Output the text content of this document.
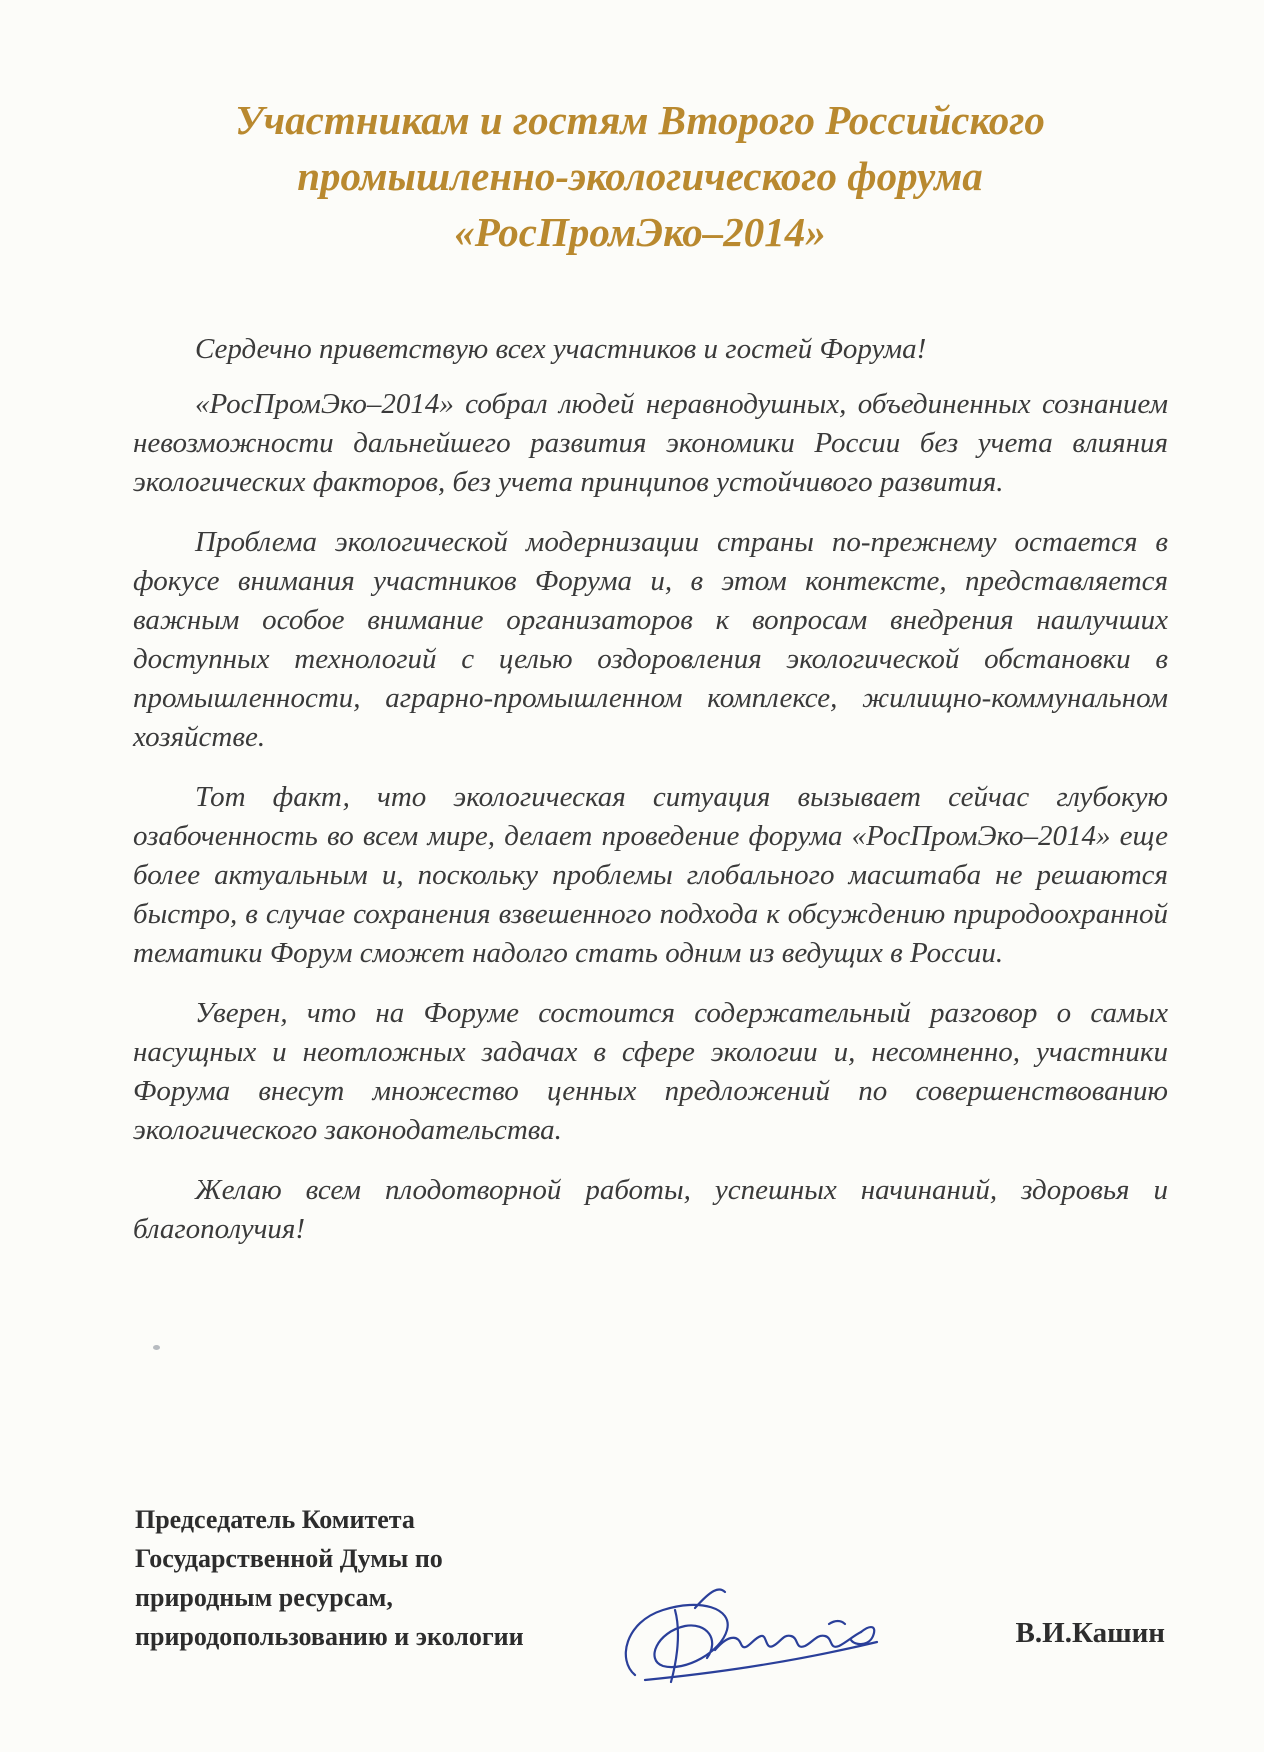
Участникам и гостям Второго Российского
промышленно-экологического форума
«РосПромЭко–2014»

Сердечно приветствую всех участников и гостей Форума!

«РосПромЭко–2014» собрал людей неравнодушных, объединенных сознанием невозможности дальнейшего развития экономики России без учета влияния экологических факторов, без учета принципов устойчивого развития.

Проблема экологической модернизации страны по-прежнему остается в фокусе внимания участников Форума и, в этом контексте, представляется важным особое внимание организаторов к вопросам внедрения наилучших доступных технологий с целью оздоровления экологической обстановки в промышленности, аграрно-промышленном комплексе, жилищно-коммунальном хозяйстве.

Тот факт, что экологическая ситуация вызывает сейчас глубокую озабоченность во всем мире, делает проведение форума «РосПромЭко–2014» еще более актуальным и, поскольку проблемы глобального масштаба не решаются быстро, в случае сохранения взвешенного подхода к обсуждению природоохранной тематики Форум сможет надолго стать одним из ведущих в России.

Уверен, что на Форуме состоится содержательный разговор о самых насущных и неотложных задачах в сфере экологии и, несомненно, участники Форума внесут множество ценных предложений по совершенствованию экологического законодательства.

Желаю всем плодотворной работы, успешных начинаний, здоровья и благополучия!

Председатель Комитета
Государственной Думы по
природным ресурсам,
природопользованию и экологии	В.И.Кашин
